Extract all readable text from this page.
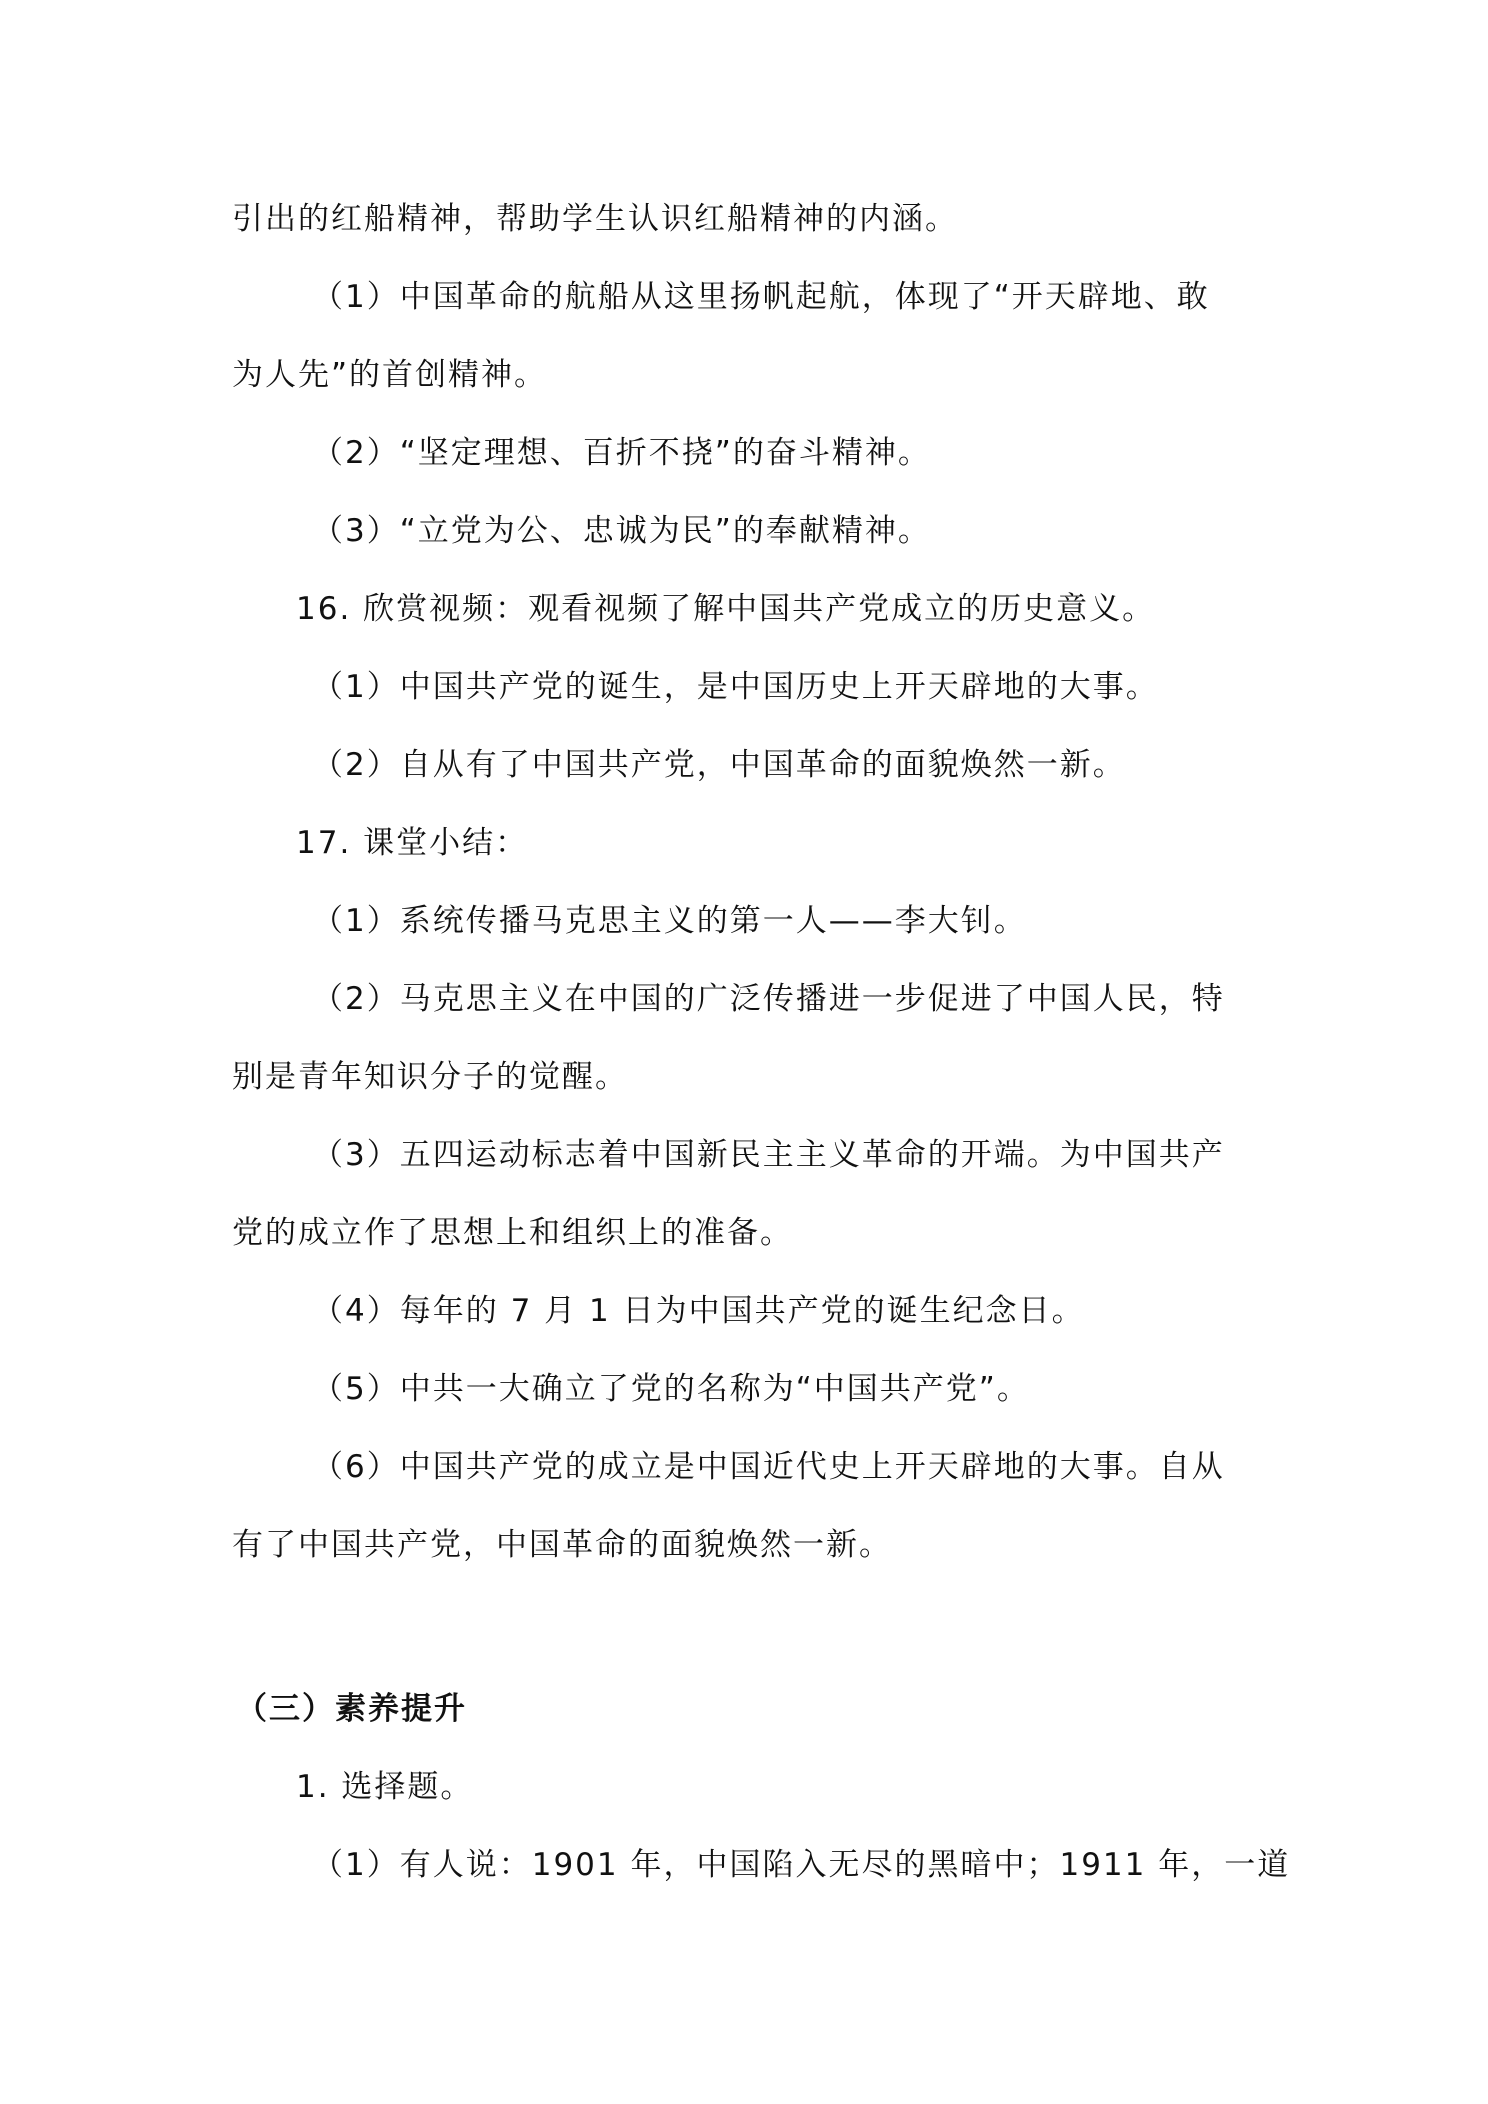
引出的红船精神，帮助学生认识红船精神的内涵。
（1）中国革命的航船从这里扬帆起航，体现了“开天辟地、敢
为人先”的首创精神。
（2）“坚定理想、百折不挠”的奋斗精神。
（3）“立党为公、忠诚为民”的奉献精神。
16. 欣赏视频：观看视频了解中国共产党成立的历史意义。
（1）中国共产党的诞生，是中国历史上开天辟地的大事。
（2）自从有了中国共产党，中国革命的面貌焕然一新。
17. 课堂小结：
（1）系统传播马克思主义的第一人——李大钊。
（2）马克思主义在中国的广泛传播进一步促进了中国人民，特
别是青年知识分子的觉醒。
（3）五四运动标志着中国新民主主义革命的开端。为中国共产
党的成立作了思想上和组织上的准备。
（4）每年的 7 月 1 日为中国共产党的诞生纪念日。
（5）中共一大确立了党的名称为“中国共产党”。
（6）中国共产党的成立是中国近代史上开天辟地的大事。自从
有了中国共产党，中国革命的面貌焕然一新。
（三）素养提升
1. 选择题。
（1）有人说：1901 年，中国陷入无尽的黑暗中；1911 年，一道
